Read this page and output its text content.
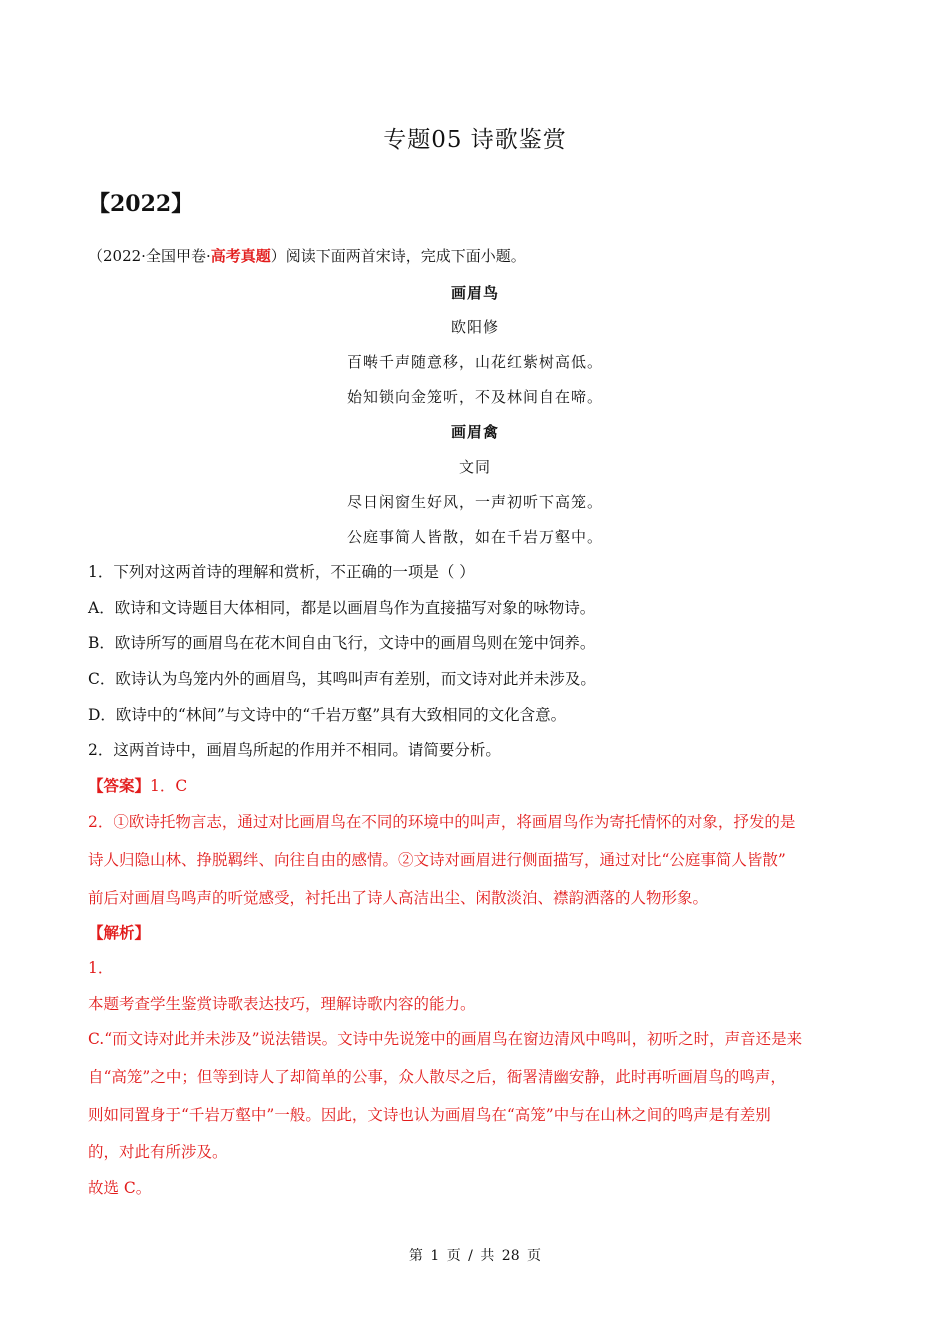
专题05 诗歌鉴赏
【2022】
（2022·全国甲卷·高考真题）阅读下面两首宋诗，完成下面小题。
画眉鸟
欧阳修
百啭千声随意移，山花红紫树高低。
始知锁向金笼听，不及林间自在啼。
画眉禽
文同
尽日闲窗生好风，一声初听下高笼。
公庭事简人皆散，如在千岩万壑中。
1．下列对这两首诗的理解和赏析，不正确的一项是（ ）
A．欧诗和文诗题目大体相同，都是以画眉鸟作为直接描写对象的咏物诗。
B．欧诗所写的画眉鸟在花木间自由飞行，文诗中的画眉鸟则在笼中饲养。
C．欧诗认为鸟笼内外的画眉鸟，其鸣叫声有差别，而文诗对此并未涉及。
D．欧诗中的“林间”与文诗中的“千岩万壑”具有大致相同的文化含意。
2．这两首诗中，画眉鸟所起的作用并不相同。请简要分析。
【答案】1．C
2．①欧诗托物言志，通过对比画眉鸟在不同的环境中的叫声，将画眉鸟作为寄托情怀的对象，抒发的是
诗人归隐山林、挣脱羁绊、向往自由的感情。②文诗对画眉进行侧面描写，通过对比“公庭事简人皆散”
前后对画眉鸟鸣声的听觉感受，衬托出了诗人高洁出尘、闲散淡泊、襟韵洒落的人物形象。
【解析】
1．
本题考查学生鉴赏诗歌表达技巧，理解诗歌内容的能力。
C.“而文诗对此并未涉及”说法错误。文诗中先说笼中的画眉鸟在窗边清风中鸣叫，初听之时，声音还是来
自“高笼”之中；但等到诗人了却简单的公事，众人散尽之后，衙署清幽安静，此时再听画眉鸟的鸣声，
则如同置身于“千岩万壑中”一般。因此，文诗也认为画眉鸟在“高笼”中与在山林之间的鸣声是有差别
的，对此有所涉及。
故选 C。
第 1 页 / 共 28 页
